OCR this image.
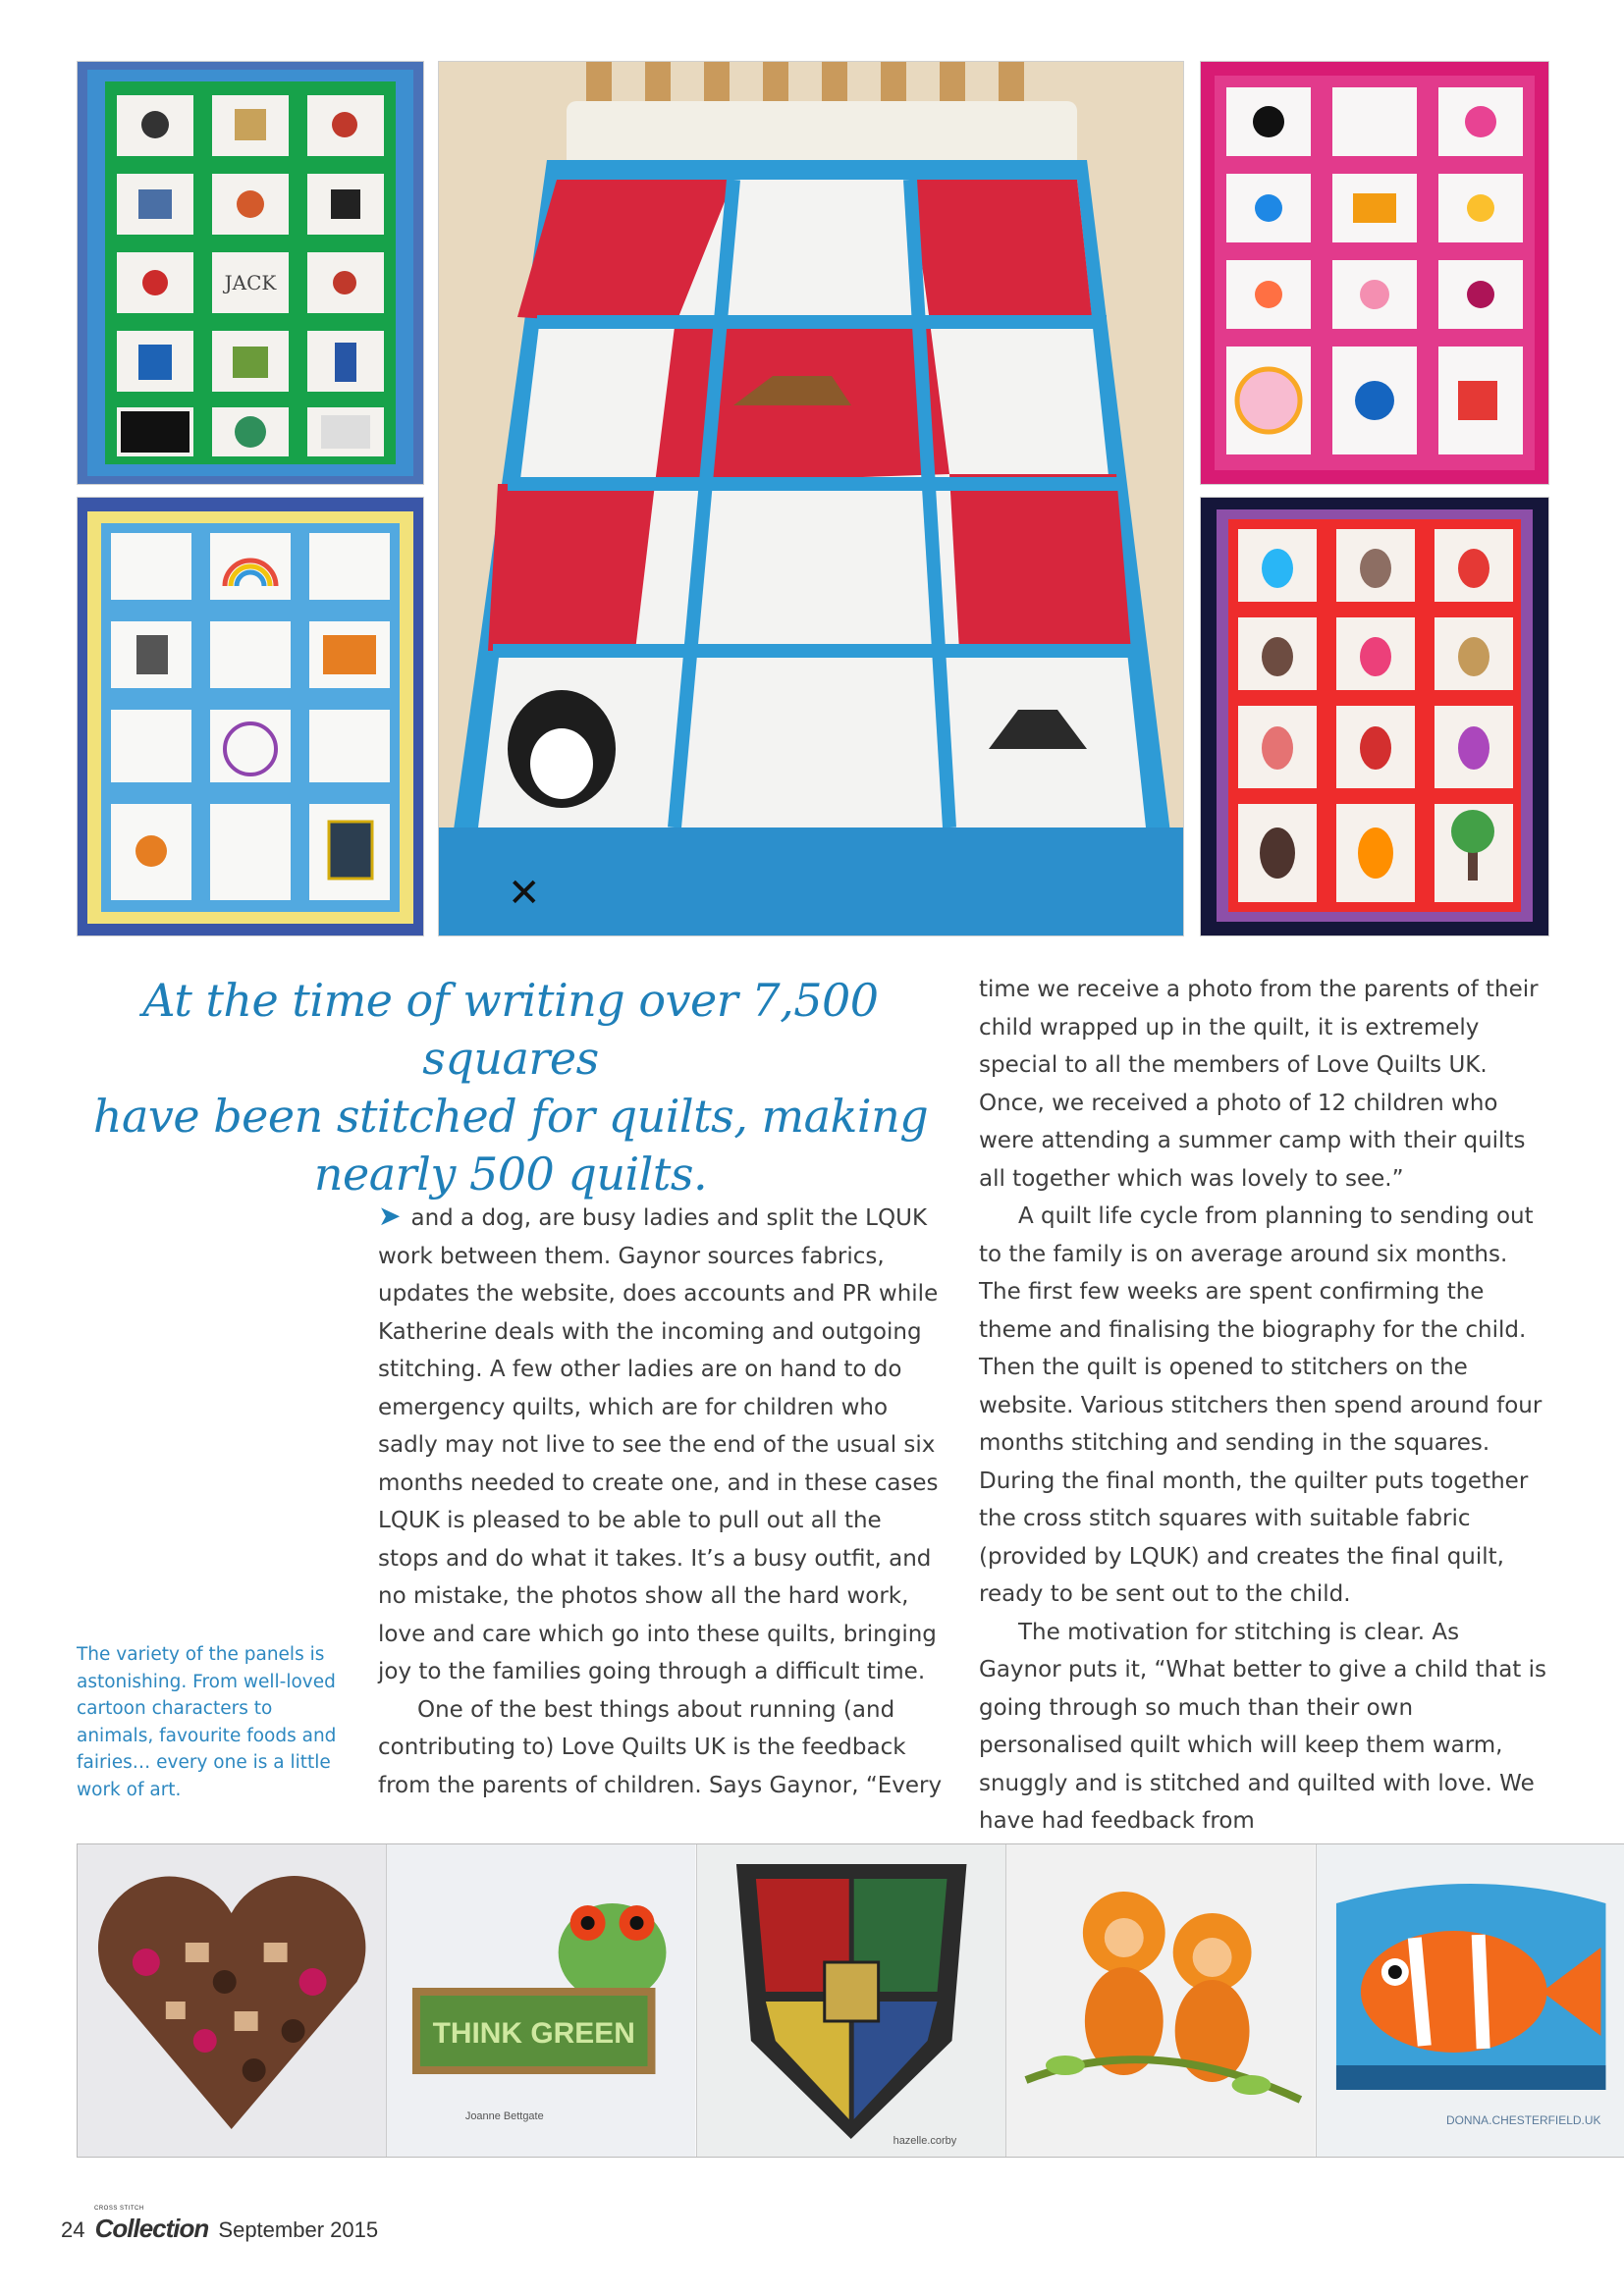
JACK
✕
At the time of writing over 7,500 squares
have been stitched for quilts, making
nearly 500 quilts.

➤ and a dog, are busy ladies and split the LQUK work between them. Gaynor sources fabrics, updates the website, does accounts and PR while Katherine deals with the incoming and outgoing stitching. A few other ladies are on hand to do emergency quilts, which are for children who sadly may not live to see the end of the usual six months needed to create one, and in these cases LQUK is pleased to be able to pull out all the stops and do what it takes. It’s a busy outfit, and no mistake, the photos show all the hard work, love and care which go into these quilts, bringing joy to the families going through a difficult time.

One of the best things about running (and contributing to) Love Quilts UK is the feedback from the parents of children. Says Gaynor, “Every

time we receive a photo from the parents of their child wrapped up in the quilt, it is extremely special to all the members of Love Quilts UK. Once, we received a photo of 12 children who were attending a summer camp with their quilts all together which was lovely to see.”

A quilt life cycle from planning to sending out to the family is on average around six months. The first few weeks are spent confirming the theme and finalising the biography for the child. Then the quilt is opened to stitchers on the website. Various stitchers then spend around four months stitching and sending in the squares. During the final month, the quilter puts together the cross stitch squares with suitable fabric (provided by LQUK) and creates the final quilt, ready to be sent out to the child.

The motivation for stitching is clear. As Gaynor puts it, “What better to give a child that is going through so much than their own personalised quilt which will keep them warm, snuggly and is stitched and quilted with love. We have had feedback from

The variety of the panels is astonishing. From well-loved cartoon characters to animals, favourite foods and fairies… every one is a little work of art.
THINK GREEN
Joanne Bettgate
hazelle.corby
DONNA.CHESTERFIELD.UK
24 Collection September 2015
CROSS STITCH
